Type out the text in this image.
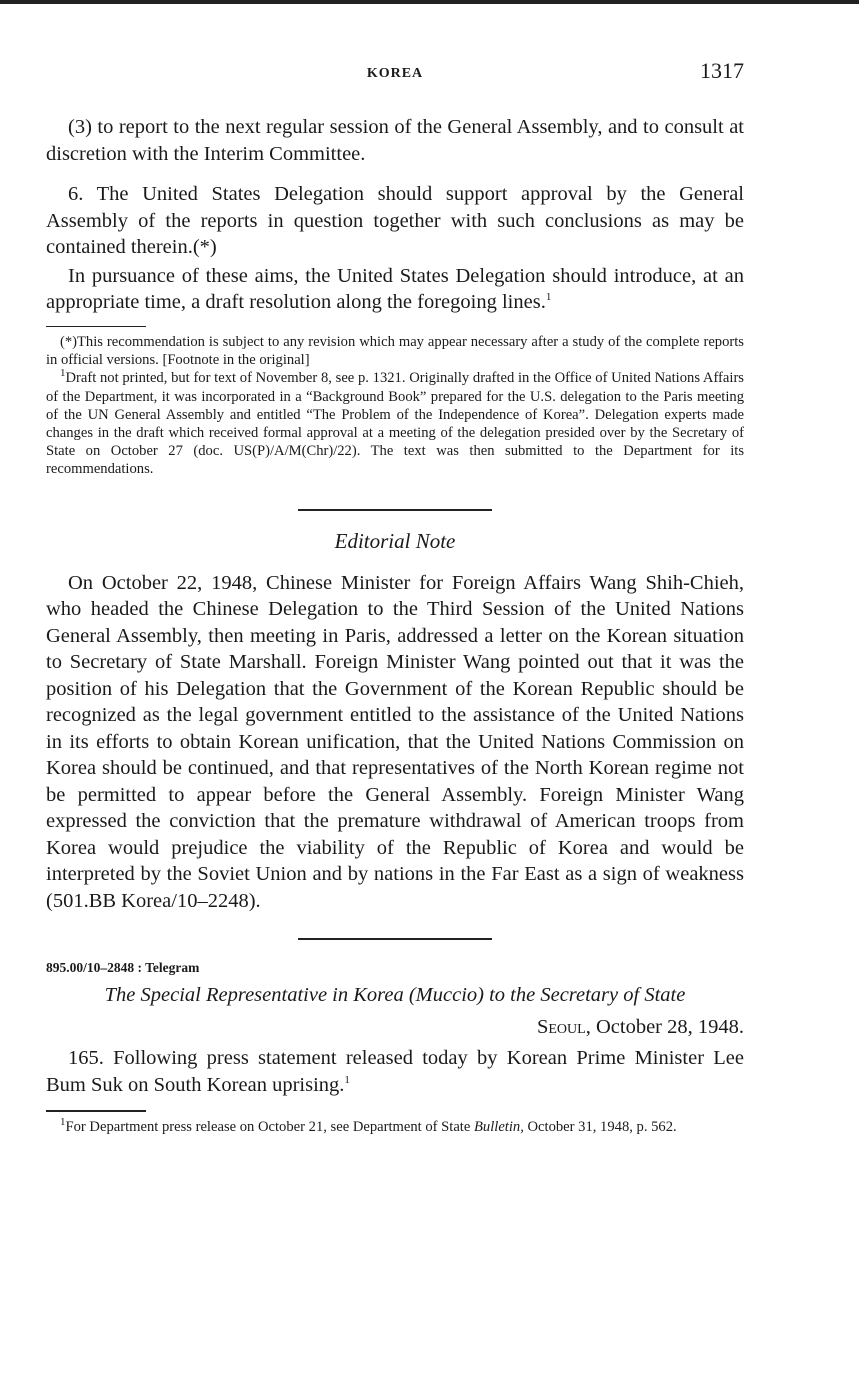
KOREA	1317

(3) to report to the next regular session of the General Assembly, and to consult at discretion with the Interim Committee.

6. The United States Delegation should support approval by the General Assembly of the reports in question together with such conclusions as may be contained therein.(*)

In pursuance of these aims, the United States Delegation should introduce, at an appropriate time, a draft resolution along the foregoing lines.$^1$

(*)This recommendation is subject to any revision which may appear necessary after a study of the complete reports in official versions. [Footnote in the original]

$^1$Draft not printed, but for text of November 8, see p. 1321. Originally drafted in the Office of United Nations Affairs of the Department, it was incorporated in a “Background Book” prepared for the U.S. delegation to the Paris meeting of the UN General Assembly and entitled “The Problem of the Independence of Korea”. Delegation experts made changes in the draft which received formal approval at a meeting of the delegation presided over by the Secretary of State on October 27 (doc. US(P)/A/M(Chr)/22). The text was then submitted to the Department for its recommendations.

Editorial Note

On October 22, 1948, Chinese Minister for Foreign Affairs Wang Shih-Chieh, who headed the Chinese Delegation to the Third Session of the United Nations General Assembly, then meeting in Paris, addressed a letter on the Korean situation to Secretary of State Marshall. Foreign Minister Wang pointed out that it was the position of his Delegation that the Government of the Korean Republic should be recognized as the legal government entitled to the assistance of the United Nations in its efforts to obtain Korean unification, that the United Nations Commission on Korea should be continued, and that representatives of the North Korean regime not be permitted to appear before the General Assembly. Foreign Minister Wang expressed the conviction that the premature withdrawal of American troops from Korea would prejudice the viability of the Republic of Korea and would be interpreted by the Soviet Union and by nations in the Far East as a sign of weakness (501.BB Korea/10–2248).

895.00/10–2848 : Telegram

The Special Representative in Korea (Muccio) to the Secretary of State

Seoul, October 28, 1948.

165. Following press statement released today by Korean Prime Minister Lee Bum Suk on South Korean uprising.$^1$

$^1$For Department press release on October 21, see Department of State Bulletin, October 31, 1948, p. 562.
